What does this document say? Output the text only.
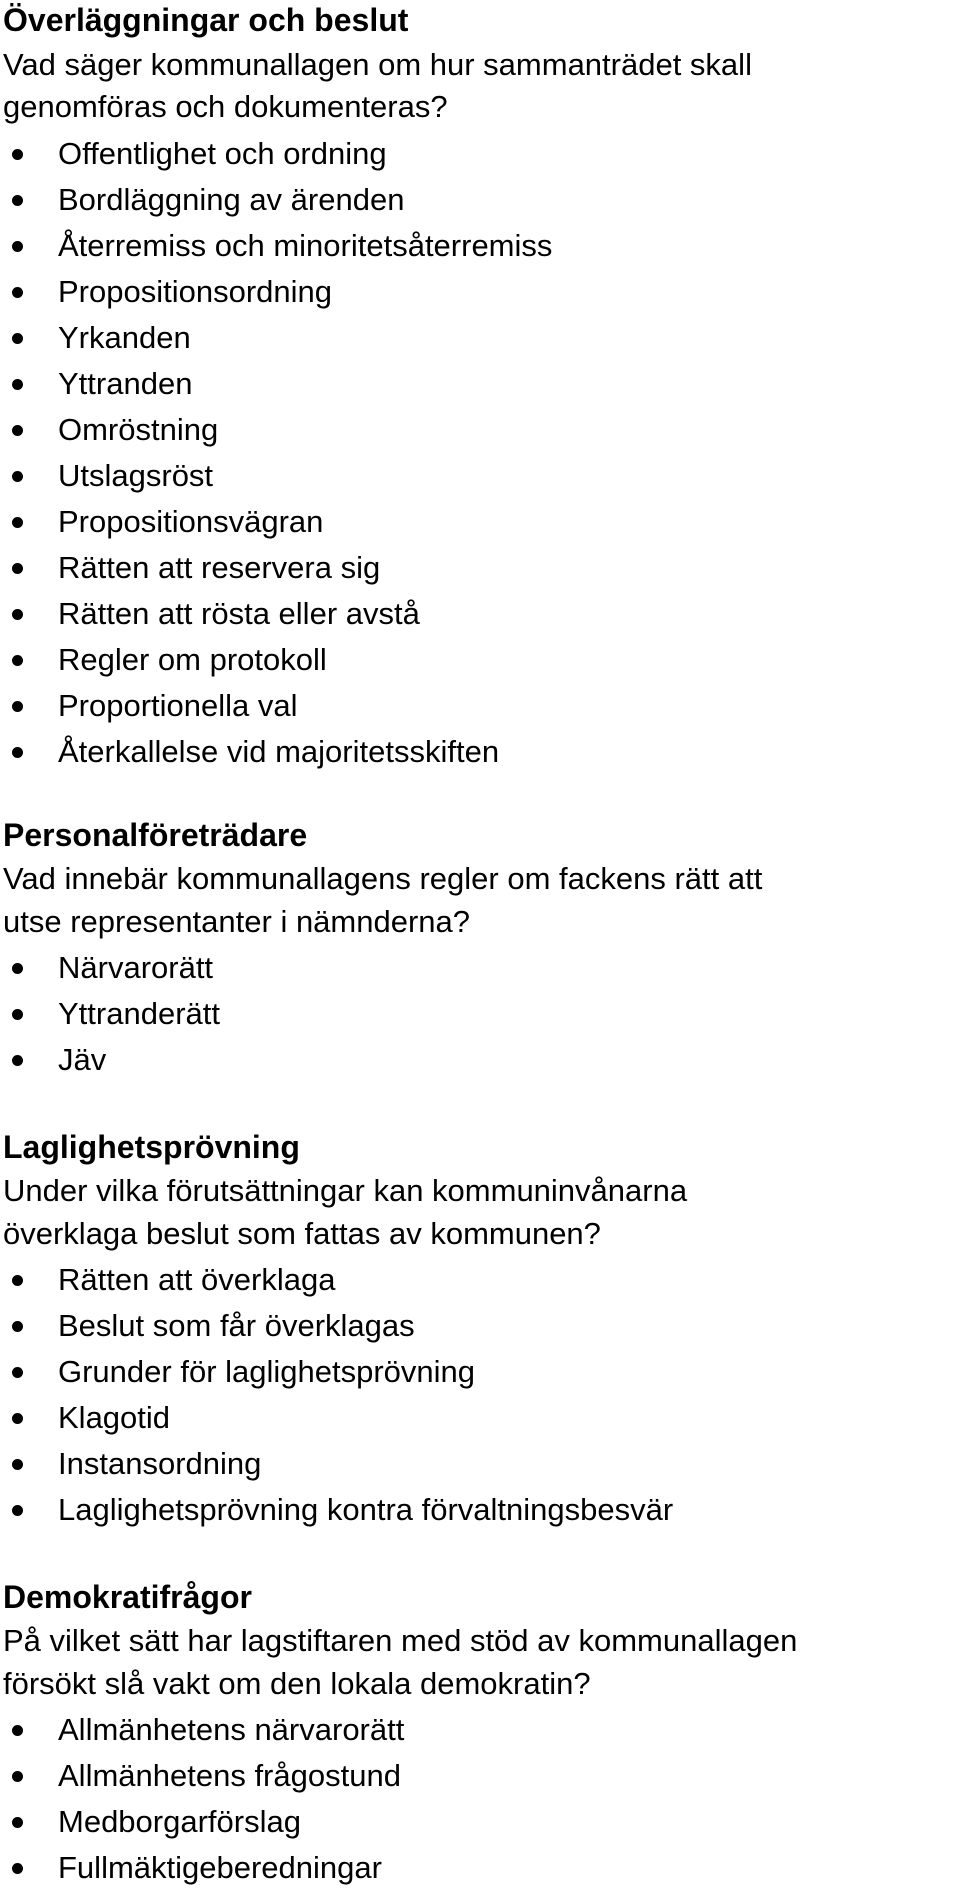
Överläggningar och beslut
Vad säger kommunallagen om hur sammanträdet skall
genomföras och dokumenteras?
Offentlighet och ordning
Bordläggning av ärenden
Återremiss och minoritetsåterremiss
Propositionsordning
Yrkanden
Yttranden
Omröstning
Utslagsröst
Propositionsvägran
Rätten att reservera sig
Rätten att rösta eller avstå
Regler om protokoll
Proportionella val
Återkallelse vid majoritetsskiften
Personalföreträdare
Vad innebär kommunallagens regler om fackens rätt att
utse representanter i nämnderna?
Närvarorätt
Yttranderätt
Jäv
Laglighetsprövning
Under vilka förutsättningar kan kommuninvånarna
överklaga beslut som fattas av kommunen?
Rätten att överklaga
Beslut som får överklagas
Grunder för laglighetsprövning
Klagotid
Instansordning
Laglighetsprövning kontra förvaltningsbesvär
Demokratifrågor
På vilket sätt har lagstiftaren med stöd av kommunallagen
försökt slå vakt om den lokala demokratin?
Allmänhetens närvarorätt
Allmänhetens frågostund
Medborgarförslag
Fullmäktigeberedningar
